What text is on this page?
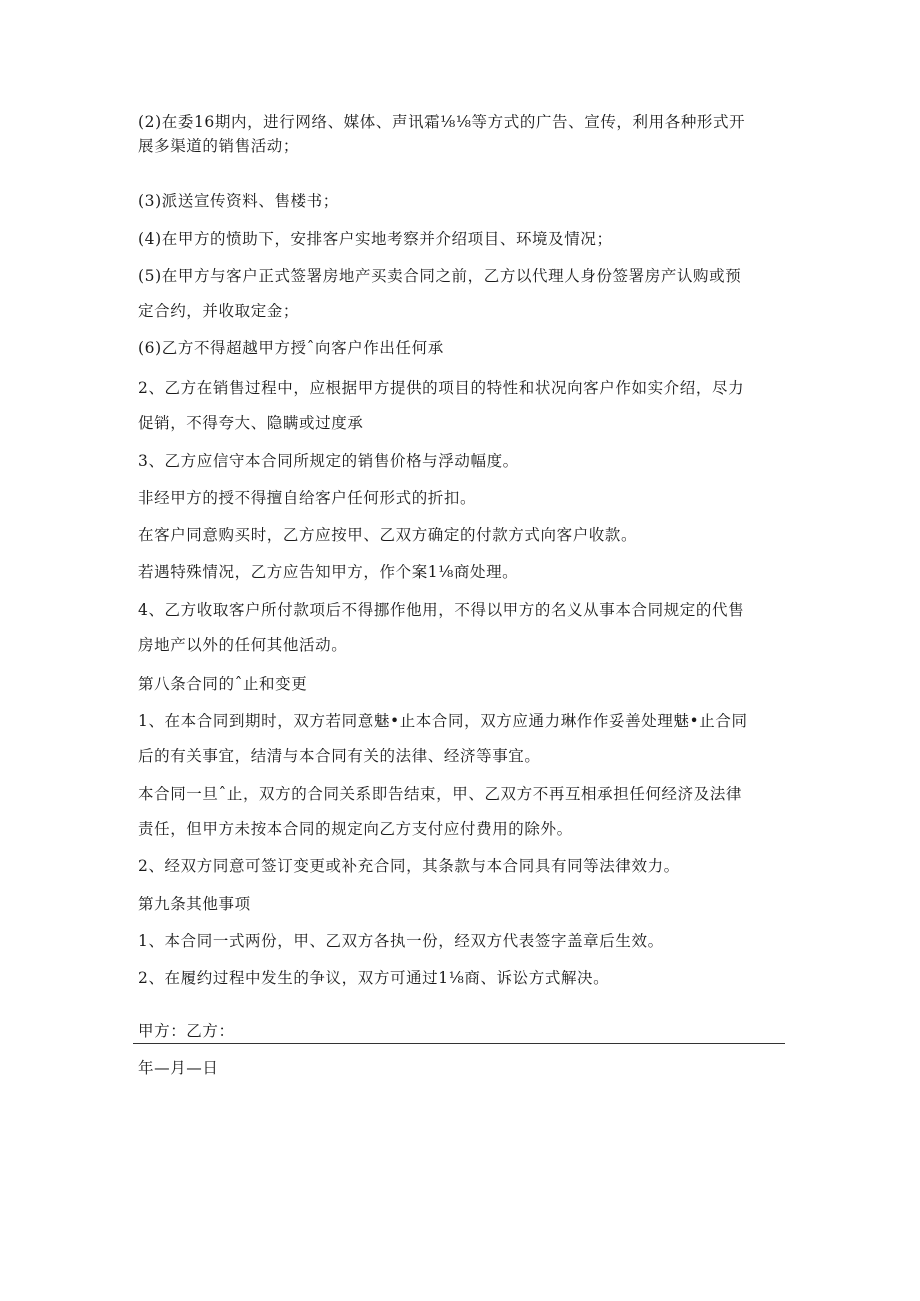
(2)在委16期内，进行网络、媒体、声讯霜⅛⅛等方式的广告、宣传，利用各种形式开
展多渠道的销售活动；
(3)派送宣传资料、售楼书；
(4)在甲方的愤助下，安排客户实地考察并介绍项目、环境及情况；
(5)在甲方与客户正式签署房地产买卖合同之前，乙方以代理人身份签署房产认购或预
定合约，并收取定金；
(6)乙方不得超越甲方授ˆ向客户作出任何承
2、乙方在销售过程中，应根据甲方提供的项目的特性和状况向客户作如实介绍，尽力
促销，不得夸大、隐瞒或过度承
3、乙方应信守本合同所规定的销售价格与浮动幅度。
非经甲方的授不得擅自给客户任何形式的折扣。
在客户同意购买时，乙方应按甲、乙双方确定的付款方式向客户收款。
若遇特殊情况，乙方应告知甲方，作个案1⅛商处理。
4、乙方收取客户所付款项后不得挪作他用，不得以甲方的名义从事本合同规定的代售
房地产以外的任何其他活动。
第八条合同的ˆ止和变更
1、在本合同到期时，双方若同意魅•止本合同，双方应通力琳作作妥善处理魅•止合同
后的有关事宜，结清与本合同有关的法律、经济等事宜。
本合同一旦ˆ止，双方的合同关系即告结束，甲、乙双方不再互相承担任何经济及法律
责任，但甲方未按本合同的规定向乙方支付应付费用的除外。
2、经双方同意可签订变更或补充合同，其条款与本合同具有同等法律效力。
第九条其他事项
1、本合同一式两份，甲、乙双方各执一份，经双方代表签字盖章后生效。
2、在履约过程中发生的争议，双方可通过1⅛商、诉讼方式解决。
甲方：乙方：
年—月—日
